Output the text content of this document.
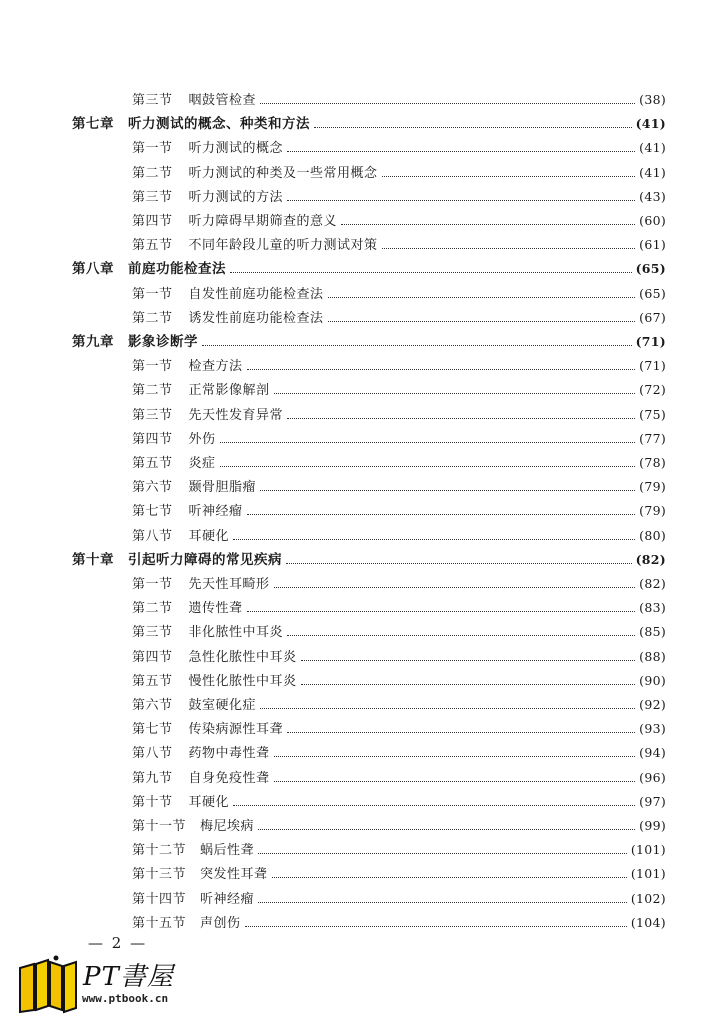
第三节 咽鼓管检查	(38)
第七章 听力测试的概念、种类和方法	(41)
第一节 听力测试的概念	(41)
第二节 听力测试的种类及一些常用概念	(41)
第三节 听力测试的方法	(43)
第四节 听力障碍早期筛查的意义	(60)
第五节 不同年龄段儿童的听力测试对策	(61)
第八章 前庭功能检查法	(65)
第一节 自发性前庭功能检查法	(65)
第二节 诱发性前庭功能检查法	(67)
第九章 影象诊断学	(71)
第一节 检查方法	(71)
第二节 正常影像解剖	(72)
第三节 先天性发育异常	(75)
第四节 外伤	(77)
第五节 炎症	(78)
第六节 颞骨胆脂瘤	(79)
第七节 听神经瘤	(79)
第八节 耳硬化	(80)
第十章 引起听力障碍的常见疾病	(82)
第一节 先天性耳畸形	(82)
第二节 遗传性聋	(83)
第三节 非化脓性中耳炎	(85)
第四节 急性化脓性中耳炎	(88)
第五节 慢性化脓性中耳炎	(90)
第六节 鼓室硬化症	(92)
第七节 传染病源性耳聋	(93)
第八节 药物中毒性聋	(94)
第九节 自身免疫性聋	(96)
第十节 耳硬化	(97)
第十一节 梅尼埃病	(99)
第十二节 蜗后性聋	(101)
第十三节 突发性耳聋	(101)
第十四节 听神经瘤	(102)
第十五节 声创伤	(104)
— 2 —
PT書屋
www.ptbook.cn
